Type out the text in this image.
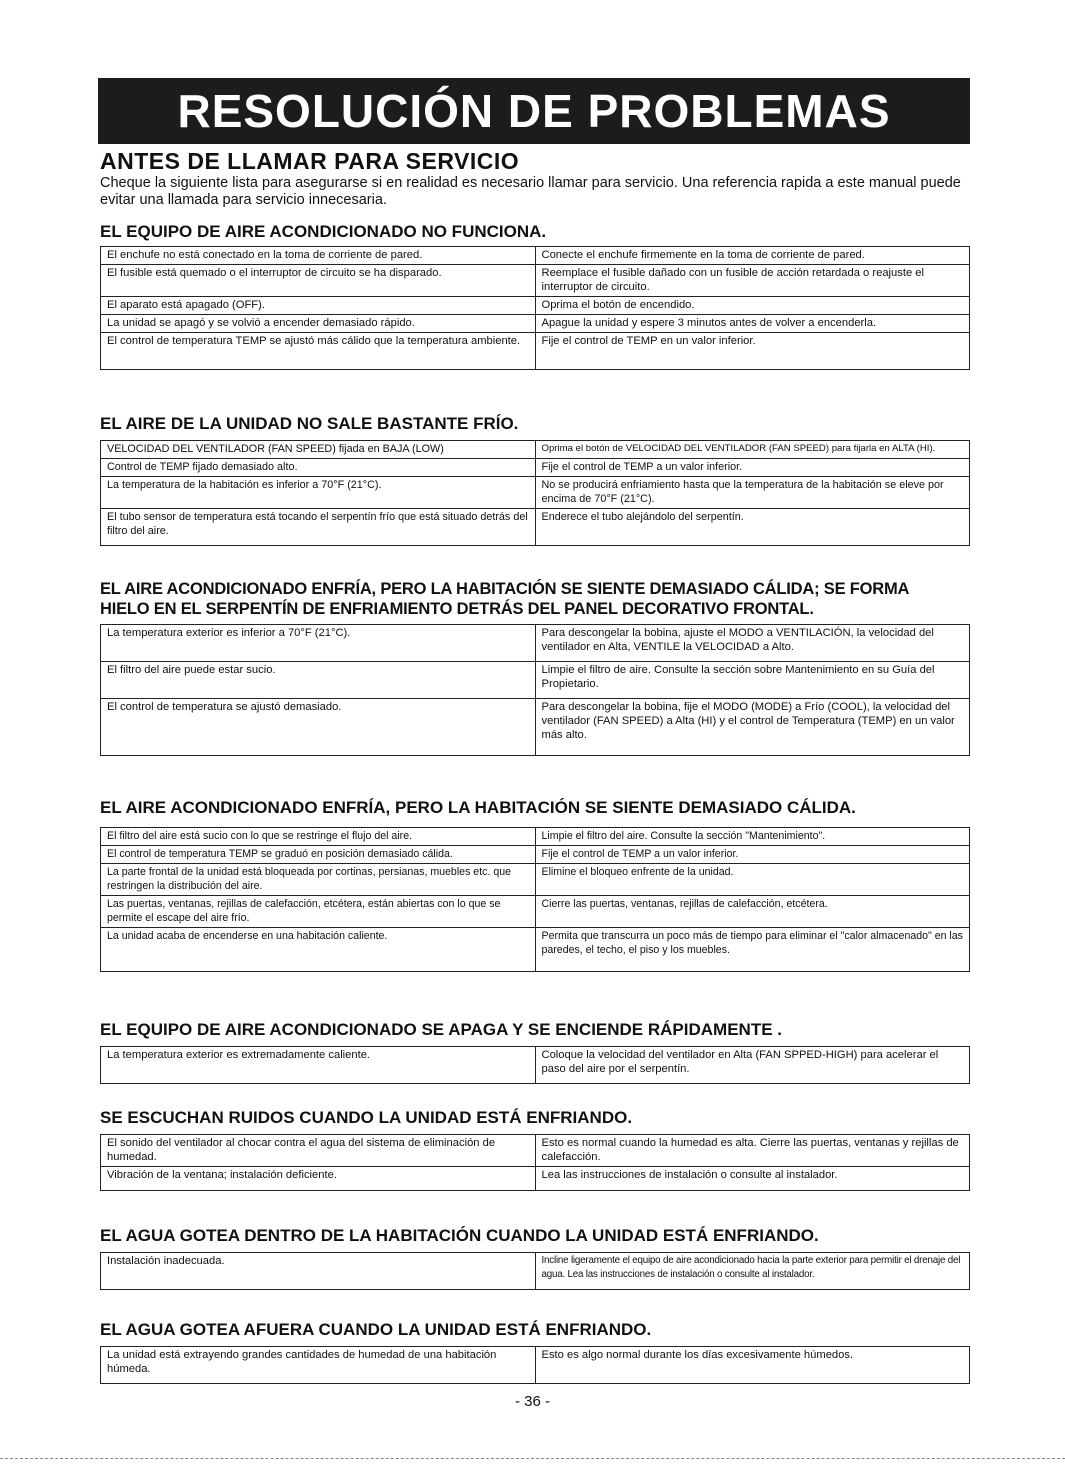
RESOLUCIÓN DE PROBLEMAS
ANTES DE LLAMAR PARA SERVICIO
Cheque la siguiente lista para asegurarse si en realidad es necesario llamar para servicio. Una referencia rapida a este manual puede evitar una llamada para servicio innecesaria.
EL EQUIPO DE AIRE ACONDICIONADO NO FUNCIONA.
El enchufe no está conectado en la toma de corriente de pared.	Conecte el enchufe firmemente en la toma de corriente de pared.
El fusible está quemado o el interruptor de circuito se ha disparado.	Reemplace el fusible dañado con un fusible de acción retardada o reajuste el interruptor de circuito.
El aparato está apagado (OFF).	Oprima el botón de encendido.
La unidad se apagó y se volvió a encender demasiado rápido.	Apague la unidad y espere 3 minutos antes de volver a encenderla.
El control de temperatura TEMP se ajustó más cálido que la temperatura ambiente.	Fije el control de TEMP en un valor inferior.
EL AIRE DE LA UNIDAD NO SALE BASTANTE FRÍO.
VELOCIDAD DEL VENTILADOR (FAN SPEED) fijada en BAJA (LOW)	Oprima el botón de VELOCIDAD DEL VENTILADOR (FAN SPEED) para fijarla en ALTA (HI).
Control de TEMP fijado demasiado alto.	Fije el control de TEMP a un valor inferior.
La temperatura de la habitación es inferior a 70°F (21°C).	No se producirá enfriamiento hasta que la temperatura de la habitación se eleve por encima de 70°F (21°C).
El tubo sensor de temperatura está tocando el serpentín frío que está situado detrás del filtro del aire.	Enderece el tubo alejándolo del serpentín.
EL AIRE ACONDICIONADO ENFRÍA, PERO LA HABITACIÓN SE SIENTE DEMASIADO CÁLIDA; SE FORMA
HIELO EN EL SERPENTÍN DE ENFRIAMIENTO DETRÁS DEL PANEL DECORATIVO FRONTAL.
La temperatura exterior es inferior a 70°F (21°C).	Para descongelar la bobina, ajuste el MODO a VENTILACIÓN, la velocidad del ventilador en Alta, VENTILE la VELOCIDAD a Alto.
El filtro del aire puede estar sucio.	Limpie el filtro de aire. Consulte la sección sobre Mantenimiento en su Guía del Propietario.
El control de temperatura se ajustó demasiado.	Para descongelar la bobina, fije el MODO (MODE) a Frío (COOL), la velocidad del ventilador (FAN SPEED) a Alta (HI) y el control de Temperatura (TEMP) en un valor más alto.
EL AIRE ACONDICIONADO ENFRÍA, PERO LA HABITACIÓN SE SIENTE DEMASIADO CÁLIDA.
El filtro del aire está sucio con lo que se restringe el flujo del aire.	Limpie el filtro del aire. Consulte la sección "Mantenimiento".
El control de temperatura TEMP se graduó en posición demasiado cálida.	Fije el control de TEMP a un valor inferior.
La parte frontal de la unidad está bloqueada por cortinas, persianas, muebles etc. que restringen la distribución del aire.	Elimine el bloqueo enfrente de la unidad.
Las puertas, ventanas, rejillas de calefacción, etcétera, están abiertas con lo que se permite el escape del aire frío.	Cierre las puertas, ventanas, rejillas de calefacción, etcétera.
La unidad acaba de encenderse en una habitación caliente.	Permita que transcurra un poco más de tiempo para eliminar el "calor almacenado" en las paredes, el techo, el piso y los muebles.
EL EQUIPO DE AIRE ACONDICIONADO SE APAGA Y SE ENCIENDE RÁPIDAMENTE .
La temperatura exterior es extremadamente caliente.	Coloque la velocidad del ventilador en Alta (FAN SPPED-HIGH) para acelerar el paso del aire por el serpentín.
SE ESCUCHAN RUIDOS CUANDO LA UNIDAD ESTÁ ENFRIANDO.
El sonido del ventilador al chocar contra el agua del sistema de eliminación de humedad.	Esto es normal cuando la humedad es alta. Cierre las puertas, ventanas y rejillas de calefacción.
Vibración de la ventana; instalación deficiente.	Lea las instrucciones de instalación o consulte al instalador.
EL AGUA GOTEA DENTRO DE LA HABITACIÓN CUANDO LA UNIDAD ESTÁ ENFRIANDO.
Instalación inadecuada.	Incline ligeramente el equipo de aire acondicionado hacia la parte exterior para permitir el drenaje del agua. Lea las instrucciones de instalación o consulte al instalador.
EL AGUA GOTEA AFUERA CUANDO LA UNIDAD ESTÁ ENFRIANDO.
La unidad está extrayendo grandes cantidades de humedad de una habitación húmeda.	Esto es algo normal durante los días excesivamente húmedos.
- 36 -
